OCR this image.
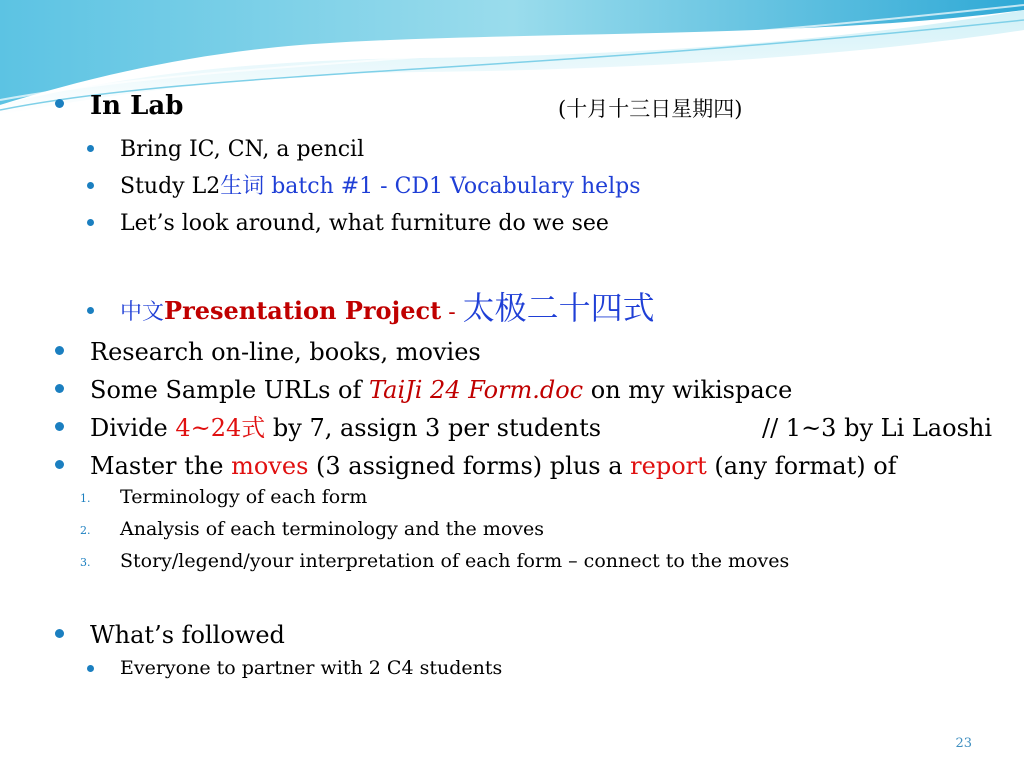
In Lab	(十月十三日星期四)
Bring IC, CN, a pencil
Study L2生词 batch #1 - CD1 Vocabulary helps
Let’s look around, what furniture do we see
中文Presentation Project - 太极二十四式
Research on-line, books, movies
Some Sample URLs of TaiJi 24 Form.doc on my wikispace
Divide 4~24式 by 7, assign 3 per students	// 1~3 by Li Laoshi
Master the moves (3 assigned forms) plus a report (any format) of
1. Terminology of each form
2. Analysis of each terminology and the moves
3. Story/legend/your interpretation of each form – connect to the moves
What’s followed
Everyone to partner with 2 C4 students
23
